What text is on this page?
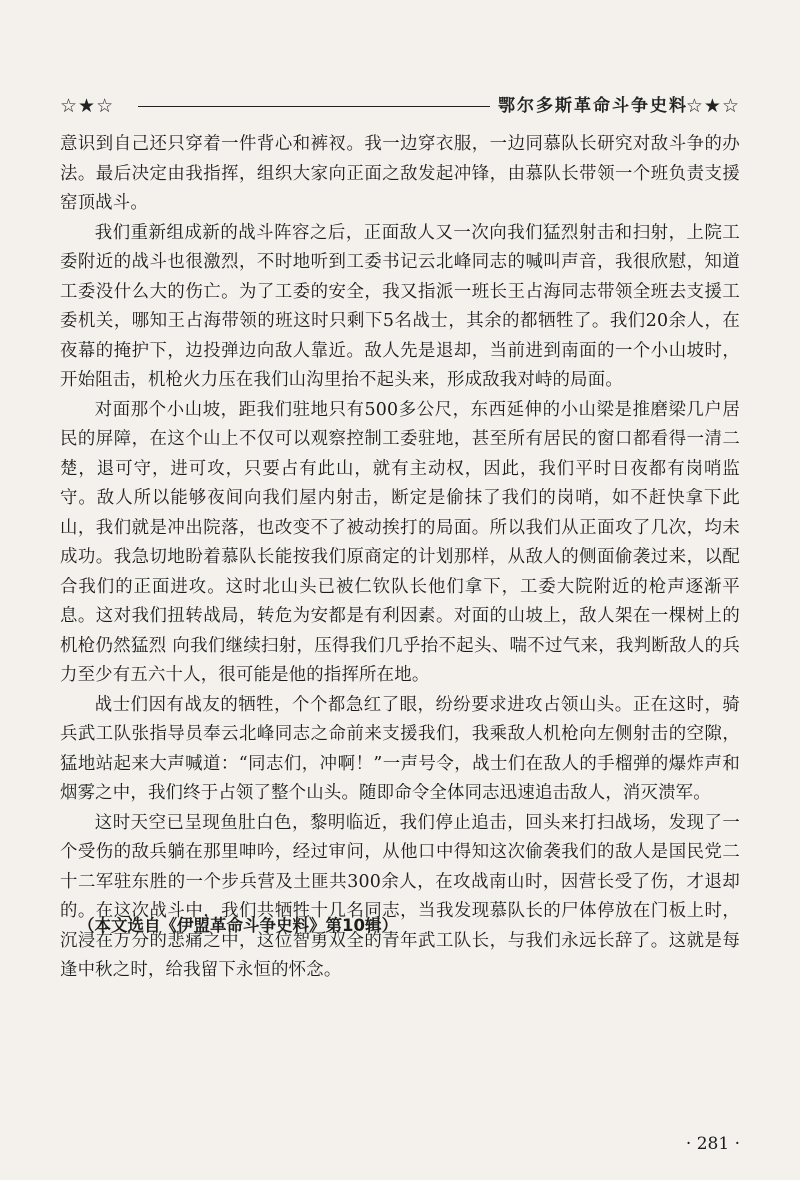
☆★☆	鄂尔多斯革命斗争史料
☆★☆

意识到自己还只穿着一件背心和裤衩。我一边穿衣服，一边同慕队长研究对敌斗争的办法。最后决定由我指挥，组织大家向正面之敌发起冲锋，由慕队长带领一个班负责支援窑顶战斗。

我们重新组成新的战斗阵容之后，正面敌人又一次向我们猛烈射击和扫射，上院工委附近的战斗也很激烈，不时地听到工委书记云北峰同志的喊叫声音，我很欣慰，知道工委没什么大的伤亡。为了工委的安全，我又指派一班长王占海同志带领全班去支援工委机关，哪知王占海带领的班这时只剩下5名战士，其余的都牺牲了。我们20余人，在夜幕的掩护下，边投弹边向敌人靠近。敌人先是退却，当前进到南面的一个小山坡时，开始阻击，机枪火力压在我们山沟里抬不起头来，形成敌我对峙的局面。

对面那个小山坡，距我们驻地只有500多公尺，东西延伸的小山梁是推磨梁几户居民的屏障，在这个山上不仅可以观察控制工委驻地，甚至所有居民的窗口都看得一清二楚，退可守，进可攻，只要占有此山，就有主动权，因此，我们平时日夜都有岗哨监守。敌人所以能够夜间向我们屋内射击，断定是偷抹了我们的岗哨，如不赶快拿下此山，我们就是冲出院落，也改变不了被动挨打的局面。所以我们从正面攻了几次，均未成功。我急切地盼着慕队长能按我们原商定的计划那样，从敌人的侧面偷袭过来，以配合我们的正面进攻。这时北山头已被仁钦队长他们拿下，工委大院附近的枪声逐渐平息。这对我们扭转战局，转危为安都是有利因素。对面的山坡上，敌人架在一棵树上的机枪仍然猛烈 向我们继续扫射，压得我们几乎抬不起头、喘不过气来，我判断敌人的兵力至少有五六十人，很可能是他的指挥所在地。

战士们因有战友的牺牲，个个都急红了眼，纷纷要求进攻占领山头。正在这时，骑兵武工队张指导员奉云北峰同志之命前来支援我们，我乘敌人机枪向左侧射击的空隙，猛地站起来大声喊道：“同志们，冲啊！”一声号令，战士们在敌人的手榴弹的爆炸声和烟雾之中，我们终于占领了整个山头。随即命令全体同志迅速追击敌人，消灭溃军。

这时天空已呈现鱼肚白色，黎明临近，我们停止追击，回头来打扫战场，发现了一个受伤的敌兵躺在那里呻吟，经过审问，从他口中得知这次偷袭我们的敌人是国民党二十二军驻东胜的一个步兵营及土匪共300余人，在攻战南山时，因营长受了伤，才退却的。在这次战斗中，我们共牺牲十几名同志，当我发现慕队长的尸体停放在门板上时，沉浸在万分的悲痛之中，这位智勇双全的青年武工队长，与我们永远长辞了。这就是每逢中秋之时，给我留下永恒的怀念。

（本文选自《伊盟革命斗争史料》第10辑）
· 281 ·
